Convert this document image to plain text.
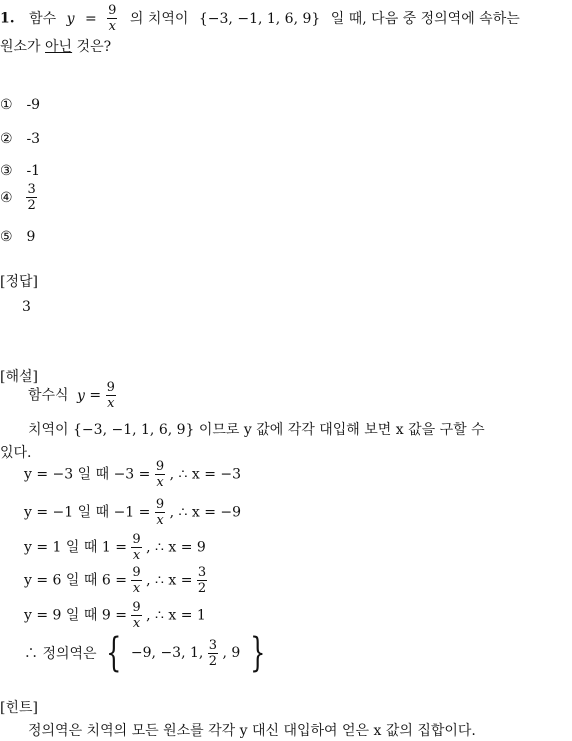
1. 함수 $y = \frac{9}{x}$ 의 치역이 {−3, −1, 1, 6, 9} 일 때, 다음 중 정의역에 속하는
원소가 아닌 것은?
① -9
② -3
③ -1
④ $\frac{3}{2}$
⑤ 9
[정답]
3
[해설]
함수식 $y = \frac{9}{x}$
치역이 {−3, −1, 1, 6, 9} 이므로 y 값에 각각 대입해 보면 x 값을 구할 수
있다.
y = −3 일 때 $-3 = \frac{9}{x}$ , ∴ x = −3
y = −1 일 때 $-1 = \frac{9}{x}$ , ∴ x = −9
y = 1 일 때 $1 = \frac{9}{x}$ , ∴ x = 9
y = 6 일 때 $6 = \frac{9}{x}$ , ∴ $x = \frac{3}{2}$
y = 9 일 때 $9 = \frac{9}{x}$ , ∴ x = 1
∴ 정의역은 { −9, −3, 1, $\frac{3}{2}$ , 9 }
[힌트]
정의역은 치역의 모든 원소를 각각 y 대신 대입하여 얻은 x 값의 집합이다.
